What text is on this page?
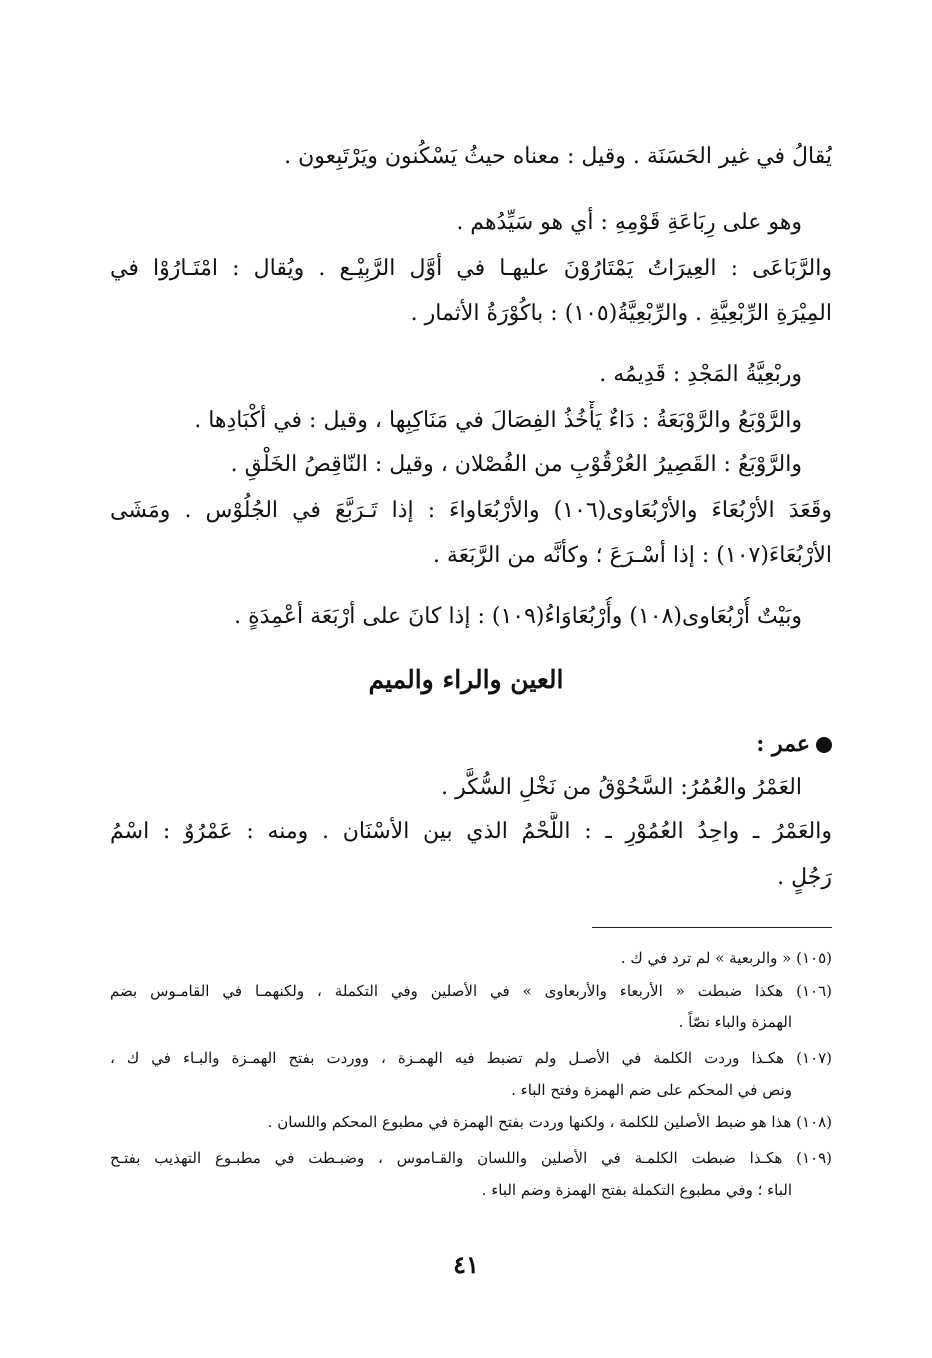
يُقالُ في غير الحَسَنَة . وقيل : معناه حيثُ يَسْكُنون ويَرْتَبِعون .
وهو على رِبَاعَةِ قَوْمِهِ : أي هو سَيِّدُهم .
والرَّبَاعَى : العِيرَاتُ يَمْتَارُوْنَ عليهـا في أوَّل الرَّبِيْـع . ويُقال : امْتَـارُوْا في
المِيْرَةِ الرِّبْعِيَّةِ . والرِّبْعِيَّةُ(١٠٥) : باكُوْرَةُ الأثمار .
وربْعِيَّةُ المَجْدِ : قَدِيمُه .
والرَّوْبَعُ والرَّوْبَعَةُ : دَاءٌ يَأْخُذُ الفِصَالَ في مَنَاكِبِها ، وقيل : في أكْبَادِها .
والرَّوْبَعُ : القَصِيرُ العُرْقُوْبِ من الفُصْلان ، وقيل : النّاقِصُ الخَلْقِ .
وقَعَدَ الأرْبُعَاءَ والأرْبُعَاوى(١٠٦) والأرْبُعَاواءَ : إذا تَـرَبَّعَ في الجُلُوْس . ومَشَى
الأرْبُعَاءَ(١٠٧) : إذا أسْـرَعَ ؛ وكأنَّه من الرَّبَعَة .
وبَيْتٌ أُرْبُعَاوى(١٠٨) وأُرْبُعَاوَاءُ(١٠٩) : إذا كانَ على أرْبَعَة أعْمِدَةٍ .
العين والراء والميم
عمر :
العَمْرُ والعُمُرُ: السَّحُوْقُ من نَخْلِ السُّكَّر .
والعَمْرُ ـ واحِدُ العُمُوْرِ ـ : اللَّحْمُ الذي بين الأسْنَان . ومنه : عَمْرُوٌ : اسْمُ
رَجُلٍ .
(١٠٥) « والربعية » لم ترد في ك .
(١٠٦) هكذا ضبطت « الأربعاء والأربعاوى » في الأصلين وفي التكملة ، ولكنهمـا في القامـوس بضم
الهمزة والباء نصّاً .
(١٠٧) هكـذا وردت الكلمة في الأصـل ولم تضبط فيه الهمـزة ، ووردت بفتح الهمـزة والبـاء في ك ،
ونص في المحكم على ضم الهمزة وفتح الباء .
(١٠٨) هذا هو ضبط الأصلين للكلمة ، ولكنها وردت بفتح الهمزة في مطبوع المحكم واللسان .
(١٠٩) هكـذا ضبطت الكلمـة في الأصلين واللسان والقـاموس ، وضبـطت في مطبـوع التهذيب بفتـح
الباء ؛ وفي مطبوع التكملة بفتح الهمزة وضم الباء .
٤١
